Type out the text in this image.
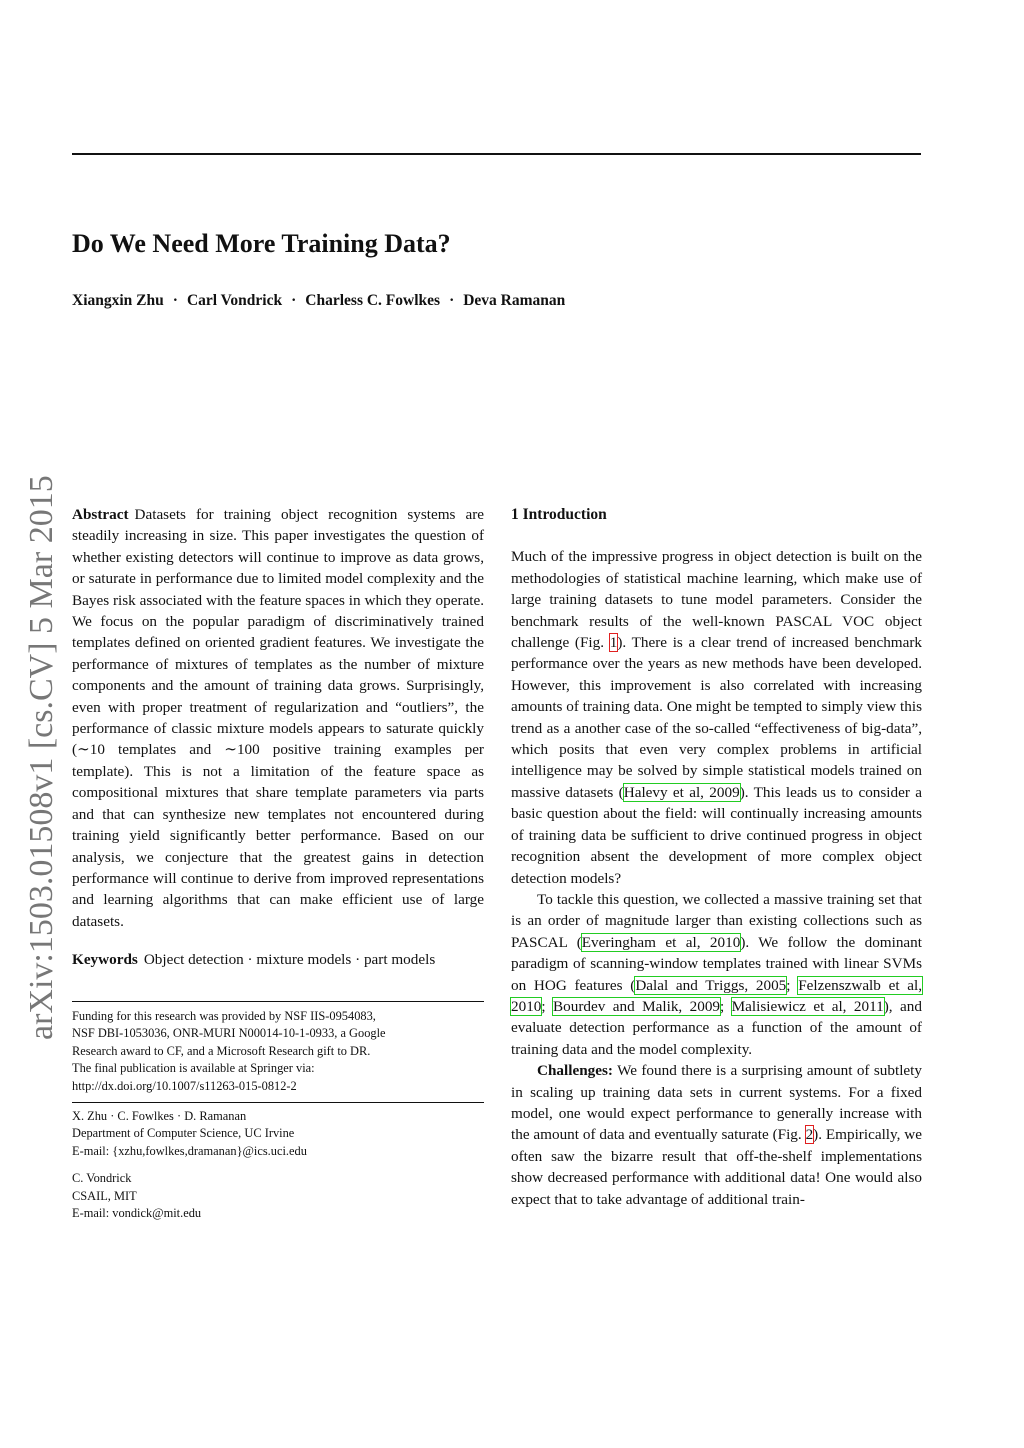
arXiv:1503.01508v1 [cs.CV] 5 Mar 2015
Do We Need More Training Data?
Xiangxin Zhu · Carl Vondrick · Charless C. Fowlkes · Deva Ramanan

Abstract Datasets for training object recognition systems are steadily increasing in size. This paper investigates the question of whether existing detectors will continue to improve as data grows, or saturate in performance due to limited model complexity and the Bayes risk associated with the feature spaces in which they operate. We focus on the popular paradigm of discriminatively trained templates defined on oriented gradient features. We investigate the performance of mixtures of templates as the number of mixture components and the amount of training data grows. Surprisingly, even with proper treatment of regularization and “outliers”, the performance of classic mixture models appears to saturate quickly (∼10 templates and ∼100 positive training examples per template). This is not a limitation of the feature space as compositional mixtures that share template parameters via parts and that can synthesize new templates not encountered during training yield significantly better performance. Based on our analysis, we conjecture that the greatest gains in detection performance will continue to derive from improved representations and learning algorithms that can make efficient use of large datasets.

Keywords Object detection · mixture models · part models

Funding for this research was provided by NSF IIS-0954083,
NSF DBI-1053036, ONR-MURI N00014-10-1-0933, a Google
Research award to CF, and a Microsoft Research gift to DR.
The final publication is available at Springer via:
http://dx.doi.org/10.1007/s11263-015-0812-2
X. Zhu · C. Fowlkes · D. Ramanan
Department of Computer Science, UC Irvine
E-mail: {xzhu,fowlkes,dramanan}@ics.uci.edu
C. Vondrick
CSAIL, MIT
E-mail: vondick@mit.edu
1 Introduction

Much of the impressive progress in object detection is built on the methodologies of statistical machine learning, which make use of large training datasets to tune model parameters. Consider the benchmark results of the well-known PASCAL VOC object challenge (Fig. 1). There is a clear trend of increased benchmark performance over the years as new methods have been developed. However, this improvement is also correlated with increasing amounts of training data. One might be tempted to simply view this trend as a another case of the so-called “effectiveness of big-data”, which posits that even very complex problems in artificial intelligence may be solved by simple statistical models trained on massive datasets (Halevy et al, 2009). This leads us to consider a basic question about the field: will continually increasing amounts of training data be sufficient to drive continued progress in object recognition absent the development of more complex object detection models?

To tackle this question, we collected a massive training set that is an order of magnitude larger than existing collections such as PASCAL (Everingham et al, 2010). We follow the dominant paradigm of scanning-window templates trained with linear SVMs on HOG features (Dalal and Triggs, 2005; Felzenszwalb et al, 2010; Bourdev and Malik, 2009; Malisiewicz et al, 2011), and evaluate detection performance as a function of the amount of training data and the model complexity.

Challenges: We found there is a surprising amount of subtlety in scaling up training data sets in current systems. For a fixed model, one would expect performance to generally increase with the amount of data and eventually saturate (Fig. 2). Empirically, we often saw the bizarre result that off-the-shelf implementations show decreased performance with additional data! One would also expect that to take advantage of additional train-
